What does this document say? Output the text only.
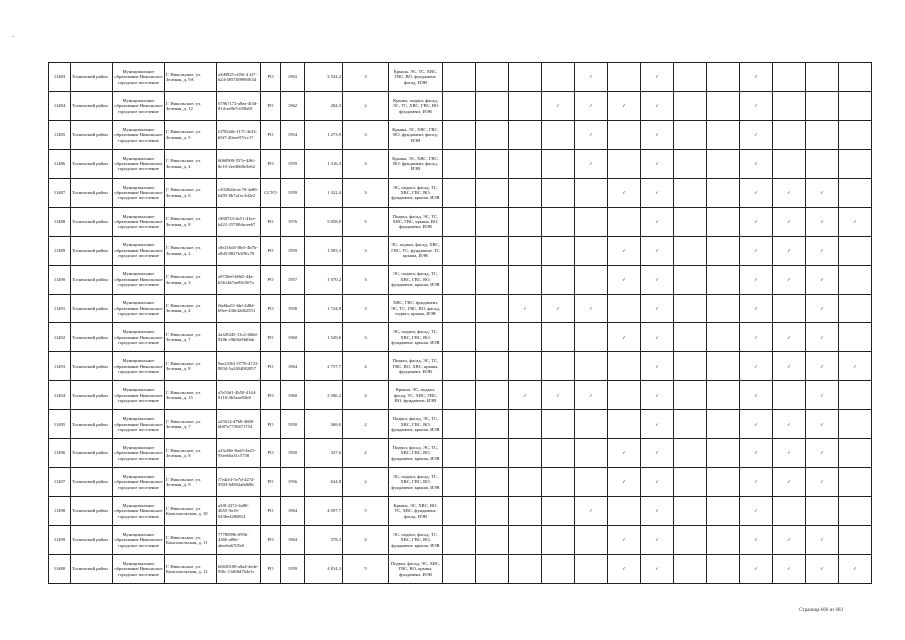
-
11483	Тосненский район	Муниципальное образование Никольское городское поселение	Г. Никольское, ул. Зеленая, д. 9А	a3d9925-c056-4 4f7-b24-4857ff09860f34	РО	1963	2 334,2	3	Крыша, ЭС, ТС, ХВС, ГВС, ВО, фундамент, фасад, ИЭВ					✓		✓			✓			
11484	Тосненский район	Муниципальное образование Никольское городское поселение	Г. Никольское, ул. Зеленая, д. 12	679b7172-a8ea-4f3d-81d-ae8b7c658a81	РО	1962	284,3	2	Крыша, подвал, фасад, ЭС, ТС, ХВС, ГВС, ВО фундамент, ИЭВ				✓	✓	✓	✓			✓			
11485	Тосненский район	Муниципальное образование Никольское городское поселение	Г. Никольское, ул. Зеленая, д. 5	f3782a0e-f171-4e33-b9f7-20aee97fcc17	РО	1954	1 273,9	3	Крыша, ЭС, ХВС, ГВС, ВО, фундамент, фасад, ИЭВ					✓		✓			✓			
11486	Тосненский район	Муниципальное образование Никольское городское поселение	Г. Никольское, ул. Зеленая, д. 4	6060900-557e-4f6f-8e10-2ee4660e3e62	РО	1959	1 316,3	3	Крыша, ЭС, ХВС, ГВС, ВО, фундамент, фасад, ИЭВ					✓		✓			✓			
11487	Тосненский район	Муниципальное образование Никольское городское поселение	Г. Никольское, ул. Зеленая, д. 6	c3029d4e-ac70-4a86-b495-8b7a1ec3d2e2	ССУО	1959	1 322,4	3	ЭС, подвал, фасад, ТС, ХВС, ГВС, ВО, фундамент, крыша, ИЭВ						✓	✓			✓	✓	✓	
11488	Тосненский район	Муниципальное образование Никольское городское поселение	Г. Никольское, ул. Зеленая, д. 8	c068723-4e51-41ee-b421-25780dacee67	РО	1976	5 058,0	5	Подвал, фасад, ЭС, ТС, ХВС, ГВС, крыша, ВО, фундамент, ИЭВ							✓			✓	✓	✓	✓
11489	Тосненский район	Муниципальное образование Никольское городское поселение	Г. Никольское, ул. Зеленая, д. 2	c8e216d3-f8e5-4b7b-a9d5-8827b3f9fc78	РО	1959	1 093,3	3	ЭС, подвал, фасад, ХВС, ГВС, ТС, фундамент, ТС крыша, ИЭВ						✓	✓			✓	✓	✓	
11490	Тосненский район	Муниципальное образование Никольское городское поселение	Г. Никольское, ул. Зеленая, д. 3	a9726e0-b8b5-44a-b5b14b7ae80c507a	РО	1957	1 070,2	3	ЭС, подвал, фасад, ТС, ХВС, ГВС, ВО, фундамент, крыша, ИЭВ						✓	✓			✓	✓	✓	
11491	Тосненский район	Муниципальное образование Никольское городское поселение	Г. Никольское, ул. Зеленая, д. 4	f6e6ba51-bbf-4d8d-b9ee-43bf42d62553	РО	1958	1 724,8	3	ХВС, ГВС, фундамент, ЭС, ТС, ГВС, ВО, фасад, подвал, крыша, ИЭВ			✓	✓	✓		✓			✓		✓	
11492	Тосненский район	Муниципальное образование Никольское городское поселение	Г. Никольское, ул. Зеленая, д. 7	2af28445-13c2-466d-920b-c9b0fa9fd0ab	РО	1960	1 549,6	3	ЭС, подвал, фасад, ТС, ХВС, ГВС, ВО, фундамент, крыша, ИЭВ						✓	✓			✓	✓	✓	
11493	Тосненский район	Муниципальное образование Никольское городское поселение	Г. Никольское, ул. Зеленая, д. 8	9ae23361-0778-4723-8834-5a2404082857	РО	1964	2 757,7	4	Подвал, фасад, ЭС, ТС, ГВС, ВО, ХВС, крыша, фундамент, ИЭВ							✓			✓	✓	✓	✓
11494	Тосненский район	Муниципальное образование Никольское городское поселение	Г. Никольское, ул. Зеленая, д. 15	a7e53d1-4b50-4144-9116-4b5aae82b8	РО	1960	3 586,2	4	Крыша, ЭС, подвал, фасад, ТС, ХВС, ГВС, ВО, фундамент, ИЭВ			✓	✓	✓		✓			✓		✓	
11495	Тосненский район	Муниципальное образование Никольское городское поселение	Г. Никольское, ул. Зеленая, д. 7	a25614-47b8-4668-bb87e7739471754	РО	1950	369,0	2	Подвал, фасад, ЭС, ТС, ХВС, ГВС, ВО, фундамент, крыша, ИЭВ							✓			✓	✓	✓	
11496	Тосненский район	Муниципальное образование Никольское городское поселение	Г. Никольское, ул. Зеленая, д. 8	a33c68e-8ad5-4e21-93eeb0a31c5738	РО	1950	327,6	2	Подвал, фасад, ЭС, ТС, ХВС, ГВС, ВО, фундамент, крыша, ИЭВ						✓	✓			✓	✓	✓	
11497	Тосненский район	Муниципальное образование Никольское городское поселение	Г. Никольское, ул. Зеленая, д. 9	f7e4fe3-5e7d-4274-9503-0d902a6d686	РО	1956	624,8	2	ЭС, подвал, фасад, ТС, ХВС, ГВС, ВО, фундамент, крыша, ИЭВ						✓	✓			✓	✓	✓	
11498	Тосненский район	Муниципальное образование Никольское городское поселение	Г. Никольское, ул. Комсомольская, д. 10	a3f0-2272-4a80-4655-9a16-0436e4280814	РО	1964	4 097,7	5	Крыша, ЭС, ХВС, ВО, ТС, ХВС, фундамент, фасад, ИЭВ					✓		✓			✓			
11499	Тосненский район	Муниципальное образование Никольское городское поселение	Г. Никольское, ул. Комсомольская, д. 11	7778899b-6956-4360-a89e-abee6a6705e0	РО	1964	578,3	2	ЭС, подвал, фасад, ТС, ХВС, ГВС, ВО, фундамент, крыша, ИЭВ						✓	✓			✓	✓	✓	
11480	Тосненский район	Муниципальное образование Никольское городское поселение	Г. Никольское, ул. Комсомольская, д. 12	b6630108-a0a4-4ede-9f0c-11d68d764e1c	РО	1959	4 814,3	5	Подвал, фасад, ЭС, ХВС, ГВС, ВО, крыша, фундамент, ИЭВ						✓	✓			✓	✓	✓	✓
Страница 666 из 683
